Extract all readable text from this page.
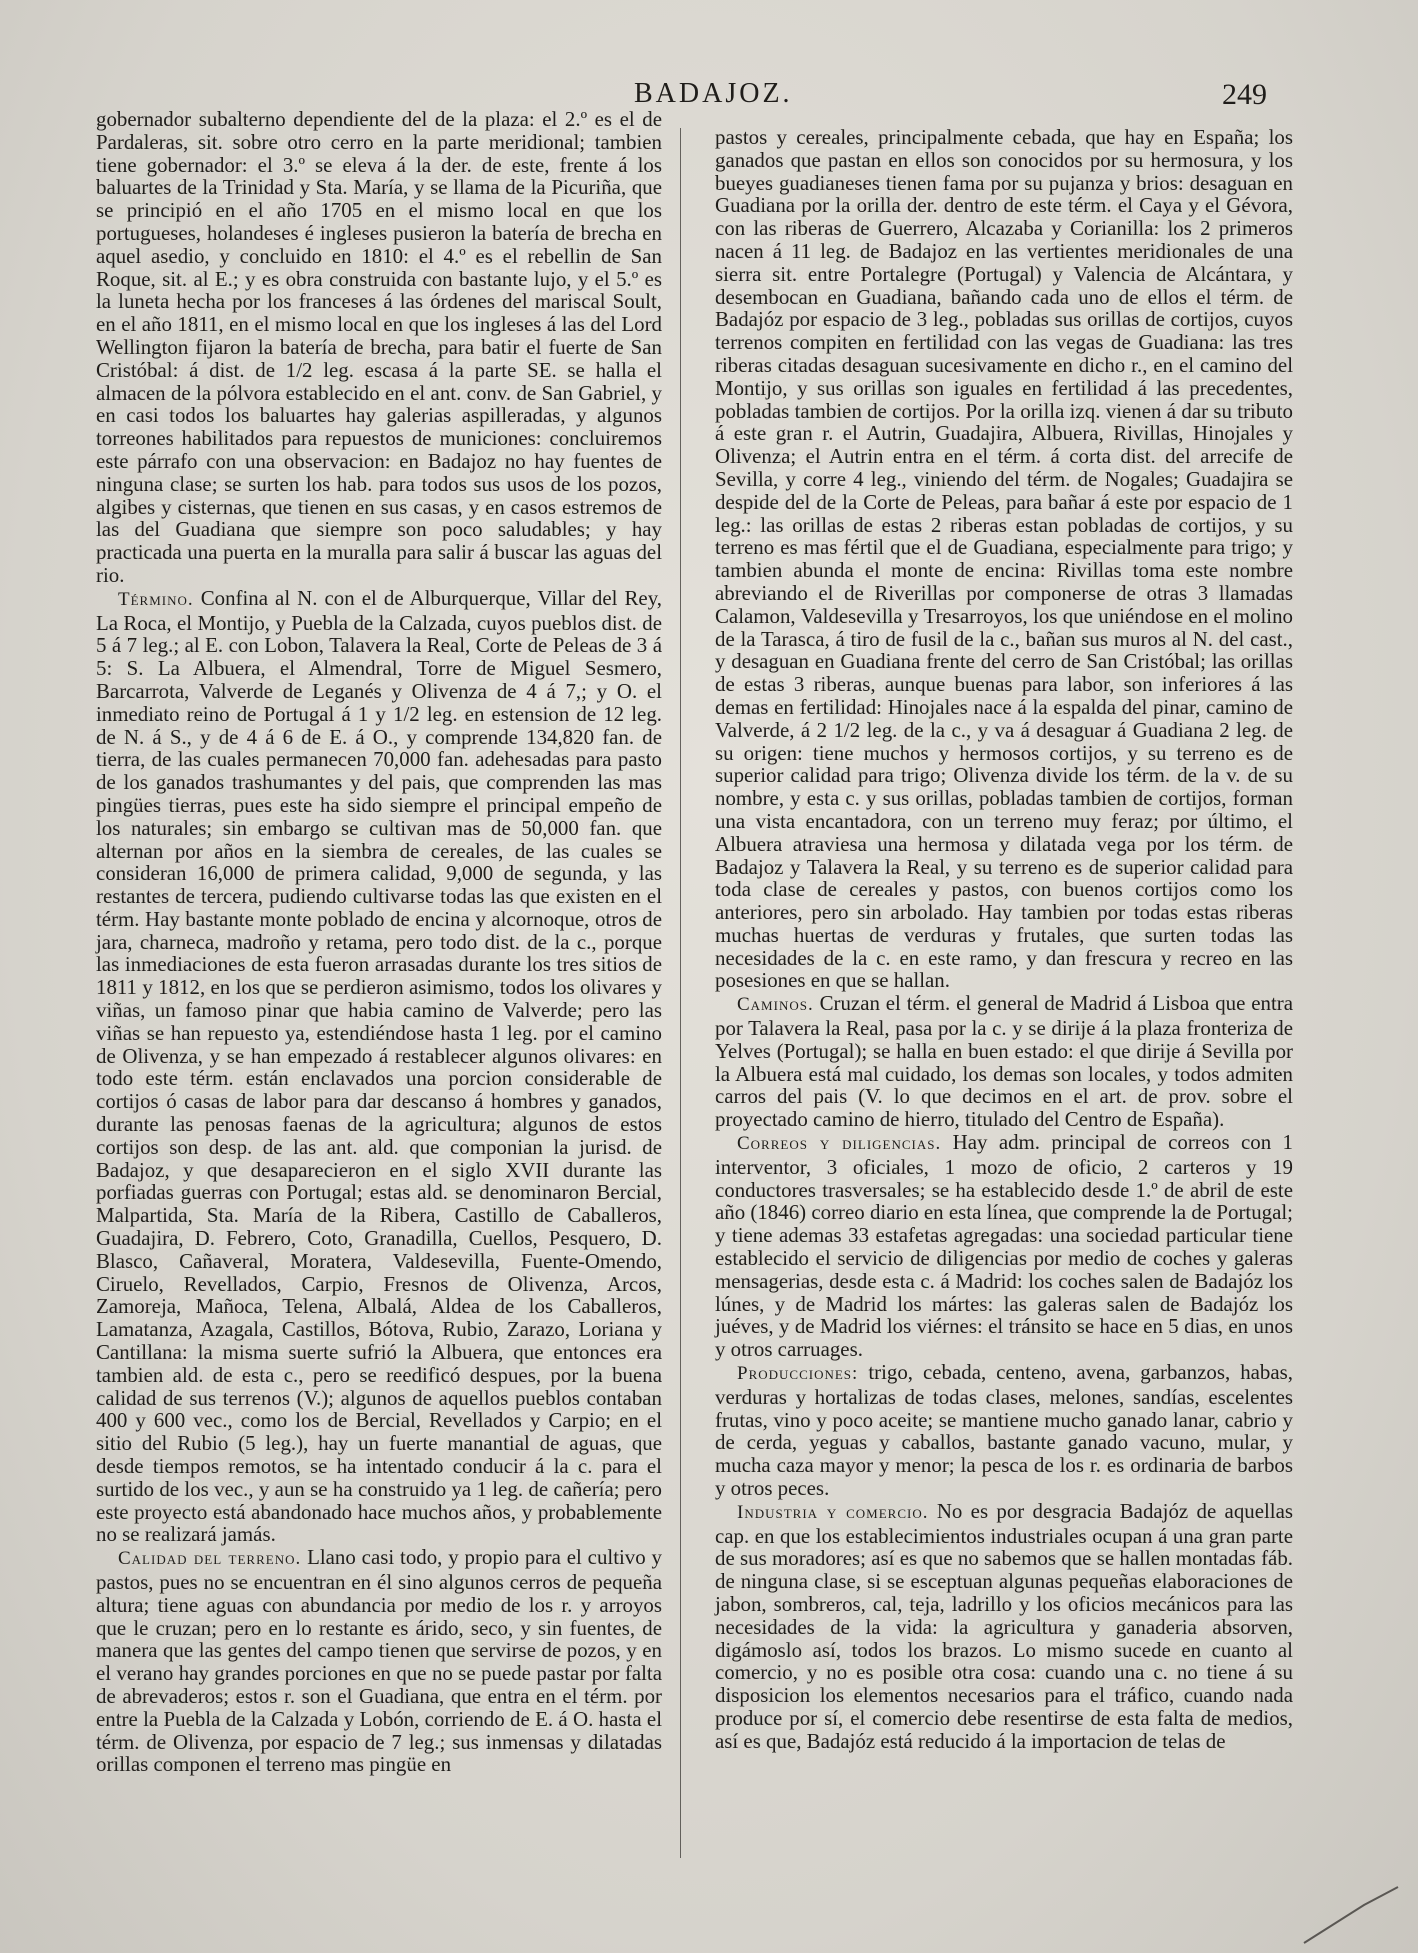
BADAJOZ.	249

gobernador subalterno dependiente del de la plaza: el 2.º es el de Pardaleras, sit. sobre otro cerro en la parte meridional; tambien tiene gobernador: el 3.º se eleva á la der. de este, frente á los baluartes de la Trinidad y Sta. María, y se llama de la Picuriña, que se principió en el año 1705 en el mismo local en que los portugueses, holandeses é ingleses pusieron la batería de brecha en aquel asedio, y concluido en 1810: el 4.º es el rebellin de San Roque, sit. al E.; y es obra construida con bastante lujo, y el 5.º es la luneta hecha por los franceses á las órdenes del mariscal Soult, en el año 1811, en el mismo local en que los ingleses á las del Lord Wellington fijaron la batería de brecha, para batir el fuerte de San Cristóbal: á dist. de 1/2 leg. escasa á la parte SE. se halla el almacen de la pólvora establecido en el ant. conv. de San Gabriel, y en casi todos los baluartes hay galerias aspilleradas, y algunos torreones habilitados para repuestos de municiones: concluiremos este párrafo con una observacion: en Badajoz no hay fuentes de ninguna clase; se surten los hab. para todos sus usos de los pozos, algibes y cisternas, que tienen en sus casas, y en casos estremos de las del Guadiana que siempre son poco saludables; y hay practicada una puerta en la muralla para salir á buscar las aguas del rio.

Término. Confina al N. con el de Alburquerque, Villar del Rey, La Roca, el Montijo, y Puebla de la Calzada, cuyos pueblos dist. de 5 á 7 leg.; al E. con Lobon, Talavera la Real, Corte de Peleas de 3 á 5: S. La Albuera, el Almendral, Torre de Miguel Sesmero, Barcarrota, Valverde de Leganés y Olivenza de 4 á 7,; y O. el inmediato reino de Portugal á 1 y 1/2 leg. en estension de 12 leg. de N. á S., y de 4 á 6 de E. á O., y comprende 134,820 fan. de tierra, de las cuales permanecen 70,000 fan. adehesadas para pasto de los ganados trashumantes y del pais, que comprenden las mas pingües tierras, pues este ha sido siempre el principal empeño de los naturales; sin embargo se cultivan mas de 50,000 fan. que alternan por años en la siembra de cereales, de las cuales se consideran 16,000 de primera calidad, 9,000 de segunda, y las restantes de tercera, pudiendo cultivarse todas las que existen en el térm. Hay bastante monte poblado de encina y alcornoque, otros de jara, charneca, madroño y retama, pero todo dist. de la c., porque las inmediaciones de esta fueron arrasadas durante los tres sitios de 1811 y 1812, en los que se perdieron asimismo, todos los olivares y viñas, un famoso pinar que habia camino de Valverde; pero las viñas se han repuesto ya, estendiéndose hasta 1 leg. por el camino de Olivenza, y se han empezado á restablecer algunos olivares: en todo este térm. están enclavados una porcion considerable de cortijos ó casas de labor para dar descanso á hombres y ganados, durante las penosas faenas de la agricultura; algunos de estos cortijos son desp. de las ant. ald. que componian la jurisd. de Badajoz, y que desaparecieron en el siglo XVII durante las porfiadas guerras con Portugal; estas ald. se denominaron Bercial, Malpartida, Sta. María de la Ribera, Castillo de Caballeros, Guadajira, D. Febrero, Coto, Granadilla, Cuellos, Pesquero, D. Blasco, Cañaveral, Moratera, Valdesevilla, Fuente-Omendo, Ciruelo, Revellados, Carpio, Fresnos de Olivenza, Arcos, Zamoreja, Mañoca, Telena, Albalá, Aldea de los Caballeros, Lamatanza, Azagala, Castillos, Bótova, Rubio, Zarazo, Loriana y Cantillana: la misma suerte sufrió la Albuera, que entonces era tambien ald. de esta c., pero se reedificó despues, por la buena calidad de sus terrenos (V.); algunos de aquellos pueblos contaban 400 y 600 vec., como los de Bercial, Revellados y Carpio; en el sitio del Rubio (5 leg.), hay un fuerte manantial de aguas, que desde tiempos remotos, se ha intentado conducir á la c. para el surtido de los vec., y aun se ha construido ya 1 leg. de cañería; pero este proyecto está abandonado hace muchos años, y probablemente no se realizará jamás.

Calidad del terreno. Llano casi todo, y propio para el cultivo y pastos, pues no se encuentran en él sino algunos cerros de pequeña altura; tiene aguas con abundancia por medio de los r. y arroyos que le cruzan; pero en lo restante es árido, seco, y sin fuentes, de manera que las gentes del campo tienen que servirse de pozos, y en el verano hay grandes porciones en que no se puede pastar por falta de abrevaderos; estos r. son el Guadiana, que entra en el térm. por entre la Puebla de la Calzada y Lobón, corriendo de E. á O. hasta el térm. de Olivenza, por espacio de 7 leg.; sus inmensas y dilatadas orillas componen el terreno mas pingüe en

pastos y cereales, principalmente cebada, que hay en España; los ganados que pastan en ellos son conocidos por su hermosura, y los bueyes guadianeses tienen fama por su pujanza y brios: desaguan en Guadiana por la orilla der. dentro de este térm. el Caya y el Gévora, con las riberas de Guerrero, Alcazaba y Corianilla: los 2 primeros nacen á 11 leg. de Badajoz en las vertientes meridionales de una sierra sit. entre Portalegre (Portugal) y Valencia de Alcántara, y desembocan en Guadiana, bañando cada uno de ellos el térm. de Badajóz por espacio de 3 leg., pobladas sus orillas de cortijos, cuyos terrenos compiten en fertilidad con las vegas de Guadiana: las tres riberas citadas desaguan sucesivamente en dicho r., en el camino del Montijo, y sus orillas son iguales en fertilidad á las precedentes, pobladas tambien de cortijos. Por la orilla izq. vienen á dar su tributo á este gran r. el Autrin, Guadajira, Albuera, Rivillas, Hinojales y Olivenza; el Autrin entra en el térm. á corta dist. del arrecife de Sevilla, y corre 4 leg., viniendo del térm. de Nogales; Guadajira se despide del de la Corte de Peleas, para bañar á este por espacio de 1 leg.: las orillas de estas 2 riberas estan pobladas de cortijos, y su terreno es mas fértil que el de Guadiana, especialmente para trigo; y tambien abunda el monte de encina: Rivillas toma este nombre abreviando el de Riverillas por componerse de otras 3 llamadas Calamon, Valdesevilla y Tresarroyos, los que uniéndose en el molino de la Tarasca, á tiro de fusil de la c., bañan sus muros al N. del cast., y desaguan en Guadiana frente del cerro de San Cristóbal; las orillas de estas 3 riberas, aunque buenas para labor, son inferiores á las demas en fertilidad: Hinojales nace á la espalda del pinar, camino de Valverde, á 2 1/2 leg. de la c., y va á desaguar á Guadiana 2 leg. de su origen: tiene muchos y hermosos cortijos, y su terreno es de superior calidad para trigo; Olivenza divide los térm. de la v. de su nombre, y esta c. y sus orillas, pobladas tambien de cortijos, forman una vista encantadora, con un terreno muy feraz; por último, el Albuera atraviesa una hermosa y dilatada vega por los térm. de Badajoz y Talavera la Real, y su terreno es de superior calidad para toda clase de cereales y pastos, con buenos cortijos como los anteriores, pero sin arbolado. Hay tambien por todas estas riberas muchas huertas de verduras y frutales, que surten todas las necesidades de la c. en este ramo, y dan frescura y recreo en las posesiones en que se hallan.

Caminos. Cruzan el térm. el general de Madrid á Lisboa que entra por Talavera la Real, pasa por la c. y se dirije á la plaza fronteriza de Yelves (Portugal); se halla en buen estado: el que dirije á Sevilla por la Albuera está mal cuidado, los demas son locales, y todos admiten carros del pais (V. lo que decimos en el art. de prov. sobre el proyectado camino de hierro, titulado del Centro de España).

Correos y diligencias. Hay adm. principal de correos con 1 interventor, 3 oficiales, 1 mozo de oficio, 2 carteros y 19 conductores trasversales; se ha establecido desde 1.º de abril de este año (1846) correo diario en esta línea, que comprende la de Portugal; y tiene ademas 33 estafetas agregadas: una sociedad particular tiene establecido el servicio de diligencias por medio de coches y galeras mensagerias, desde esta c. á Madrid: los coches salen de Badajóz los lúnes, y de Madrid los mártes: las galeras salen de Badajóz los juéves, y de Madrid los viérnes: el tránsito se hace en 5 dias, en unos y otros carruages.

Producciones: trigo, cebada, centeno, avena, garbanzos, habas, verduras y hortalizas de todas clases, melones, sandías, escelentes frutas, vino y poco aceite; se mantiene mucho ganado lanar, cabrio y de cerda, yeguas y caballos, bastante ganado vacuno, mular, y mucha caza mayor y menor; la pesca de los r. es ordinaria de barbos y otros peces.

Industria y comercio. No es por desgracia Badajóz de aquellas cap. en que los establecimientos industriales ocupan á una gran parte de sus moradores; así es que no sabemos que se hallen montadas fáb. de ninguna clase, si se esceptuan algunas pequeñas elaboraciones de jabon, sombreros, cal, teja, ladrillo y los oficios mecánicos para las necesidades de la vida: la agricultura y ganaderia absorven, digámoslo así, todos los brazos. Lo mismo sucede en cuanto al comercio, y no es posible otra cosa: cuando una c. no tiene á su disposicion los elementos necesarios para el tráfico, cuando nada produce por sí, el comercio debe resentirse de esta falta de medios, así es que, Badajóz está reducido á la importacion de telas de
